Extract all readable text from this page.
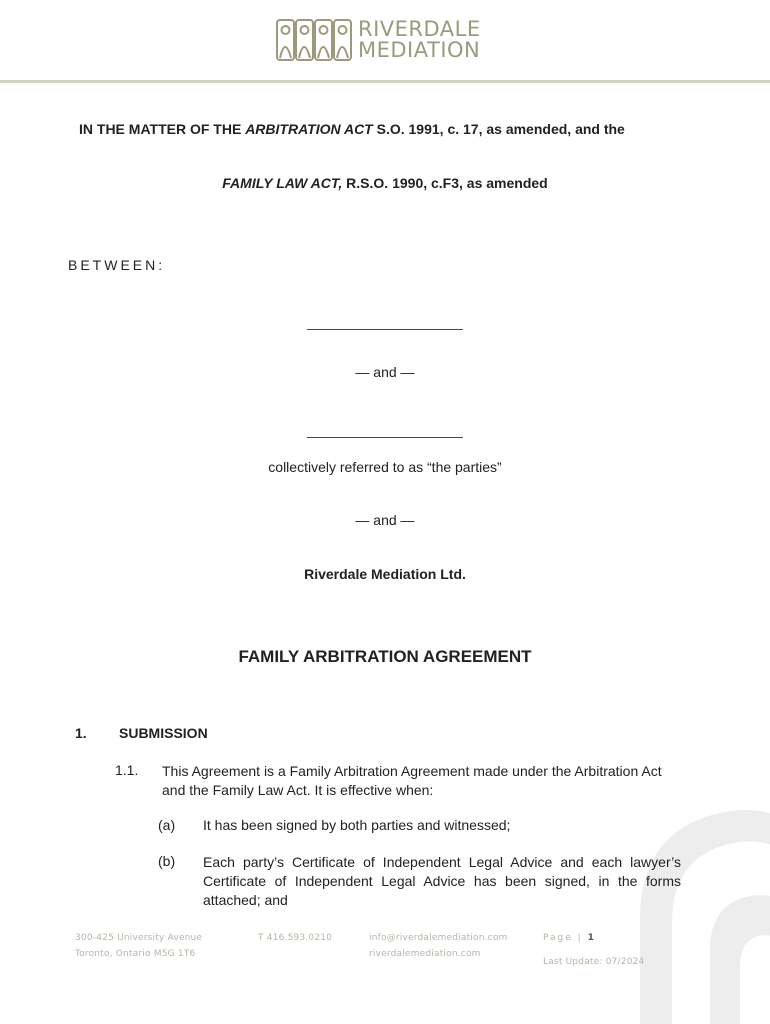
RIVERDALE
MEDIATION
IN THE MATTER OF THE ARBITRATION ACT S.O. 1991, c. 17, as amended, and the
FAMILY LAW ACT, R.S.O. 1990, c.F3, as amended
BETWEEN:
____________________
— and —
____________________
collectively referred to as “the parties”
— and —
Riverdale Mediation Ltd.
FAMILY ARBITRATION AGREEMENT
1. SUBMISSION
1.1. This Agreement is a Family Arbitration Agreement made under the Arbitration Act and the Family Law Act. It is effective when:
(a) It has been signed by both parties and witnessed;
(b) Each party’s Certificate of Independent Legal Advice and each lawyer’s Certificate of Independent Legal Advice has been signed, in the forms attached; and
300-425 University Avenue
Toronto, Ontario M5G 1T6
T 416.593.0210	info@riverdalemediation.com
riverdalemediation.com
Page | 1
Last Update: 07/2024
